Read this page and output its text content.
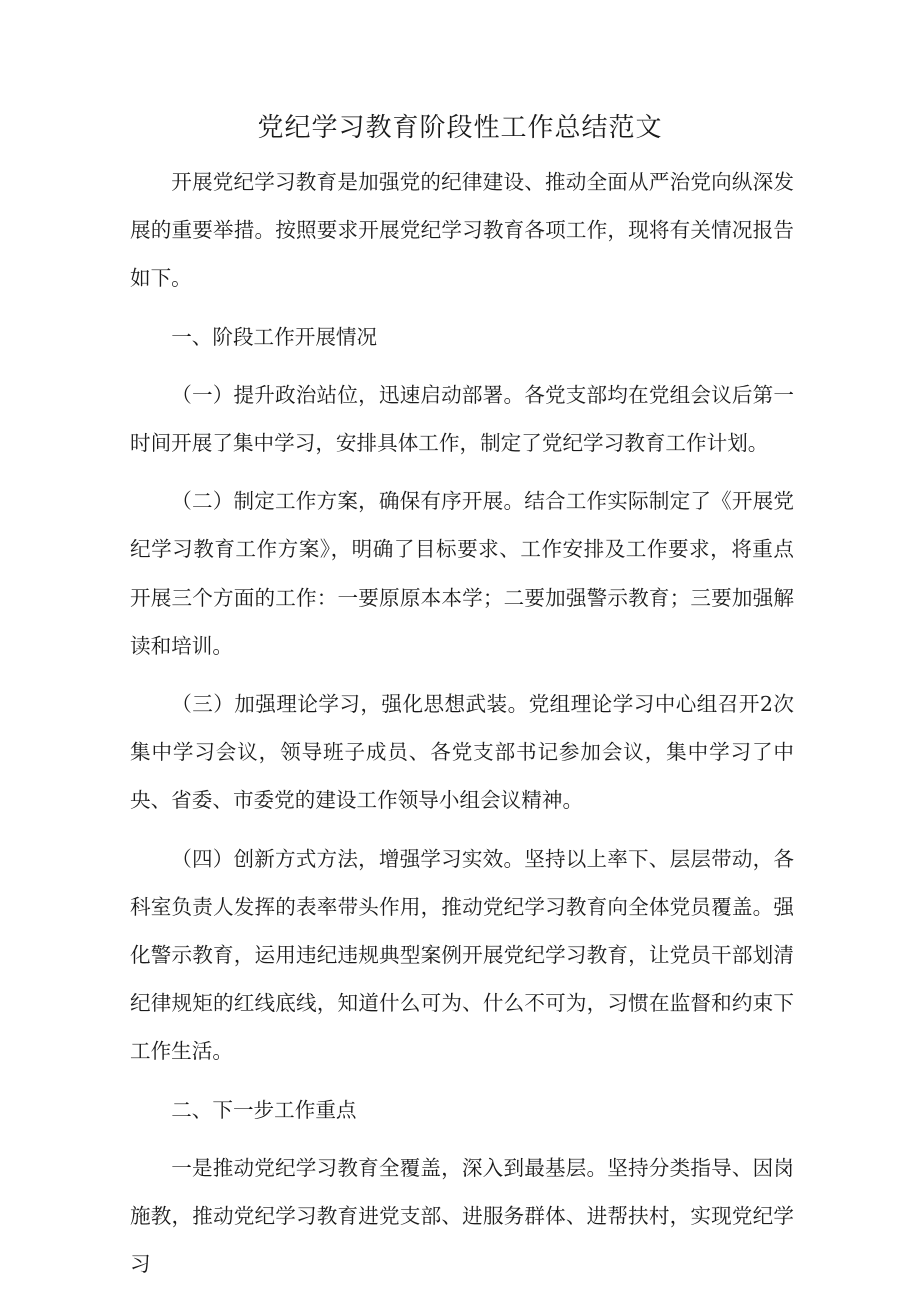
党纪学习教育阶段性工作总结范文

开展党纪学习教育是加强党的纪律建设、推动全面从严治党向纵深发展的重要举措。按照要求开展党纪学习教育各项工作，现将有关情况报告如下。

一、阶段工作开展情况

（一）提升政治站位，迅速启动部署。各党支部均在党组会议后第一时间开展了集中学习，安排具体工作，制定了党纪学习教育工作计划。

（二）制定工作方案，确保有序开展。结合工作实际制定了《开展党纪学习教育工作方案》，明确了目标要求、工作安排及工作要求，将重点开展三个方面的工作：一要原原本本学；二要加强警示教育；三要加强解读和培训。

（三）加强理论学习，强化思想武装。党组理论学习中心组召开2次集中学习会议，领导班子成员、各党支部书记参加会议，集中学习了中央、省委、市委党的建设工作领导小组会议精神。

（四）创新方式方法，增强学习实效。坚持以上率下、层层带动，各科室负责人发挥的表率带头作用，推动党纪学习教育向全体党员覆盖。强化警示教育，运用违纪违规典型案例开展党纪学习教育，让党员干部划清纪律规矩的红线底线，知道什么可为、什么不可为，习惯在监督和约束下工作生活。

二、下一步工作重点

一是推动党纪学习教育全覆盖，深入到最基层。坚持分类指导、因岗施教，推动党纪学习教育进党支部、进服务群体、进帮扶村，实现党纪学习
